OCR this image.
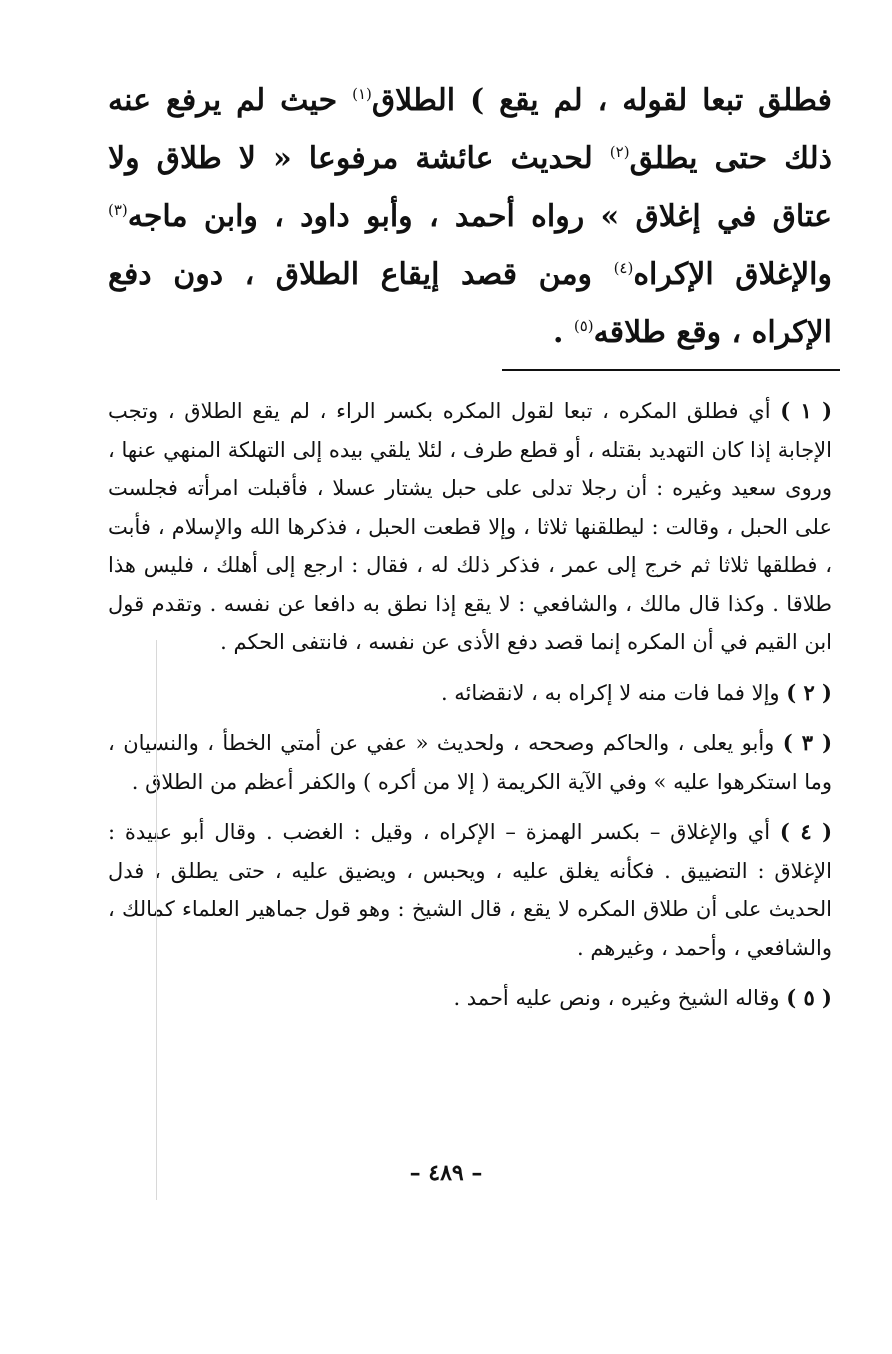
فطلق تبعا لقوله ، لم يقع ) الطلاق$^{(١)}$ حيث لم يرفع عنه ذلك حتى يطلق$^{(٢)}$ لحديث عائشة مرفوعا « لا طلاق ولا عتاق في إغلاق » رواه أحمد ، وأبو داود ، وابن ماجه$^{(٣)}$ والإغلاق الإكراه$^{(٤)}$ ومن قصد إيقاع الطلاق ، دون دفع الإكراه ، وقع طلاقه$^{(٥)}$ .

( ١ ) أي فطلق المكره ، تبعا لقول المكره بكسر الراء ، لم يقع الطلاق ، وتجب الإجابة إذا كان التهديد بقتله ، أو قطع طرف ، لئلا يلقي بيده إلى التهلكة المنهي عنها ، وروى سعيد وغيره : أن رجلا تدلى على حبل يشتار عسلا ، فأقبلت امرأته فجلست على الحبل ، وقالت : ليطلقنها ثلاثا ، وإلا قطعت الحبل ، فذكرها الله والإسلام ، فأبت ، فطلقها ثلاثا ثم خرج إلى عمر ، فذكر ذلك له ، فقال : ارجع إلى أهلك ، فليس هذا طلاقا . وكذا قال مالك ، والشافعي : لا يقع إذا نطق به دافعا عن نفسه . وتقدم قول ابن القيم في أن المكره إنما قصد دفع الأذى عن نفسه ، فانتفى الحكم .

( ٢ ) وإلا فما فات منه لا إكراه به ، لانقضائه .

( ٣ ) وأبو يعلى ، والحاكم وصححه ، ولحديث « عفي عن أمتي الخطأ ، والنسيان ، وما استكرهوا عليه » وفي الآية الكريمة ( إلا من أكره ) والكفر أعظم من الطلاق .

( ٤ ) أي والإغلاق – بكسر الهمزة – الإكراه ، وقيل : الغضب . وقال أبو عبيدة : الإغلاق : التضييق . فكأنه يغلق عليه ، ويحبس ، ويضيق عليه ، حتى يطلق ، فدل الحديث على أن طلاق المكره لا يقع ، قال الشيخ : وهو قول جماهير العلماء كمالك ، والشافعي ، وأحمد ، وغيرهم .

( ٥ ) وقاله الشيخ وغيره ، ونص عليه أحمد .

– ٤٨٩ –
